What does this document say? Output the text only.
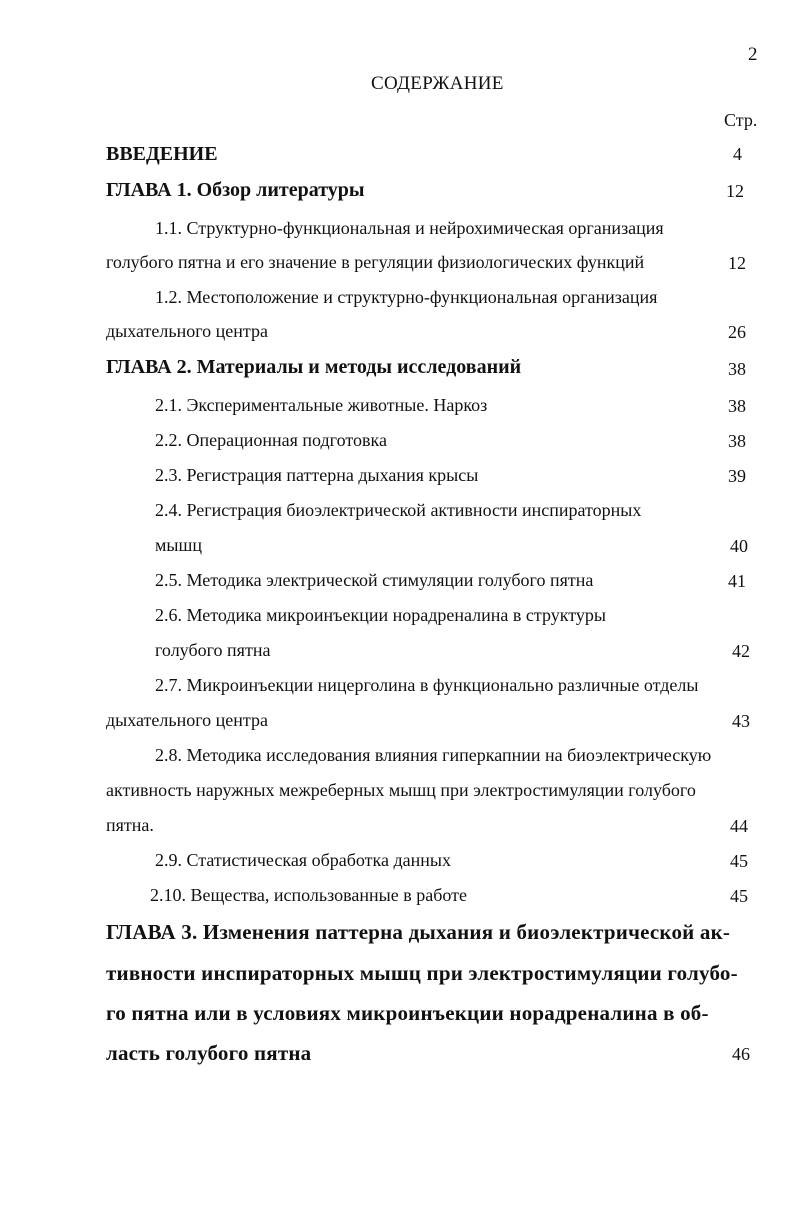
2
СОДЕРЖАНИЕ
Стр.
ВВЕДЕНИЕ	4
ГЛАВА 1. Обзор литературы	12
1.1. Структурно-функциональная и нейрохимическая организация
голубого пятна и его значение в регуляции физиологических функций	12
1.2. Местоположение и структурно-функциональная организация
дыхательного центра	26
ГЛАВА 2. Материалы и методы исследований	38
2.1. Экспериментальные животные. Наркоз	38
2.2. Операционная подготовка	38
2.3. Регистрация паттерна дыхания крысы	39
2.4. Регистрация биоэлектрической активности инспираторных
мышц	40
2.5. Методика электрической стимуляции голубого пятна	41
2.6. Методика микроинъекции норадреналина в структуры
голубого пятна	42
2.7. Микроинъекции ницерголина в функционально различные отделы
дыхательного центра	43
2.8. Методика исследования влияния гиперкапнии на биоэлектрическую
активность наружных межреберных мышц при электростимуляции голубого
пятна.	44
2.9. Статистическая обработка данных	45
2.10. Вещества, использованные в работе	45
ГЛАВА 3. Изменения паттерна дыхания и биоэлектрической ак-
тивности инспираторных мышц при электростимуляции голубо-
го пятна или в условиях микроинъекции норадреналина в об-
ласть голубого пятна	46
